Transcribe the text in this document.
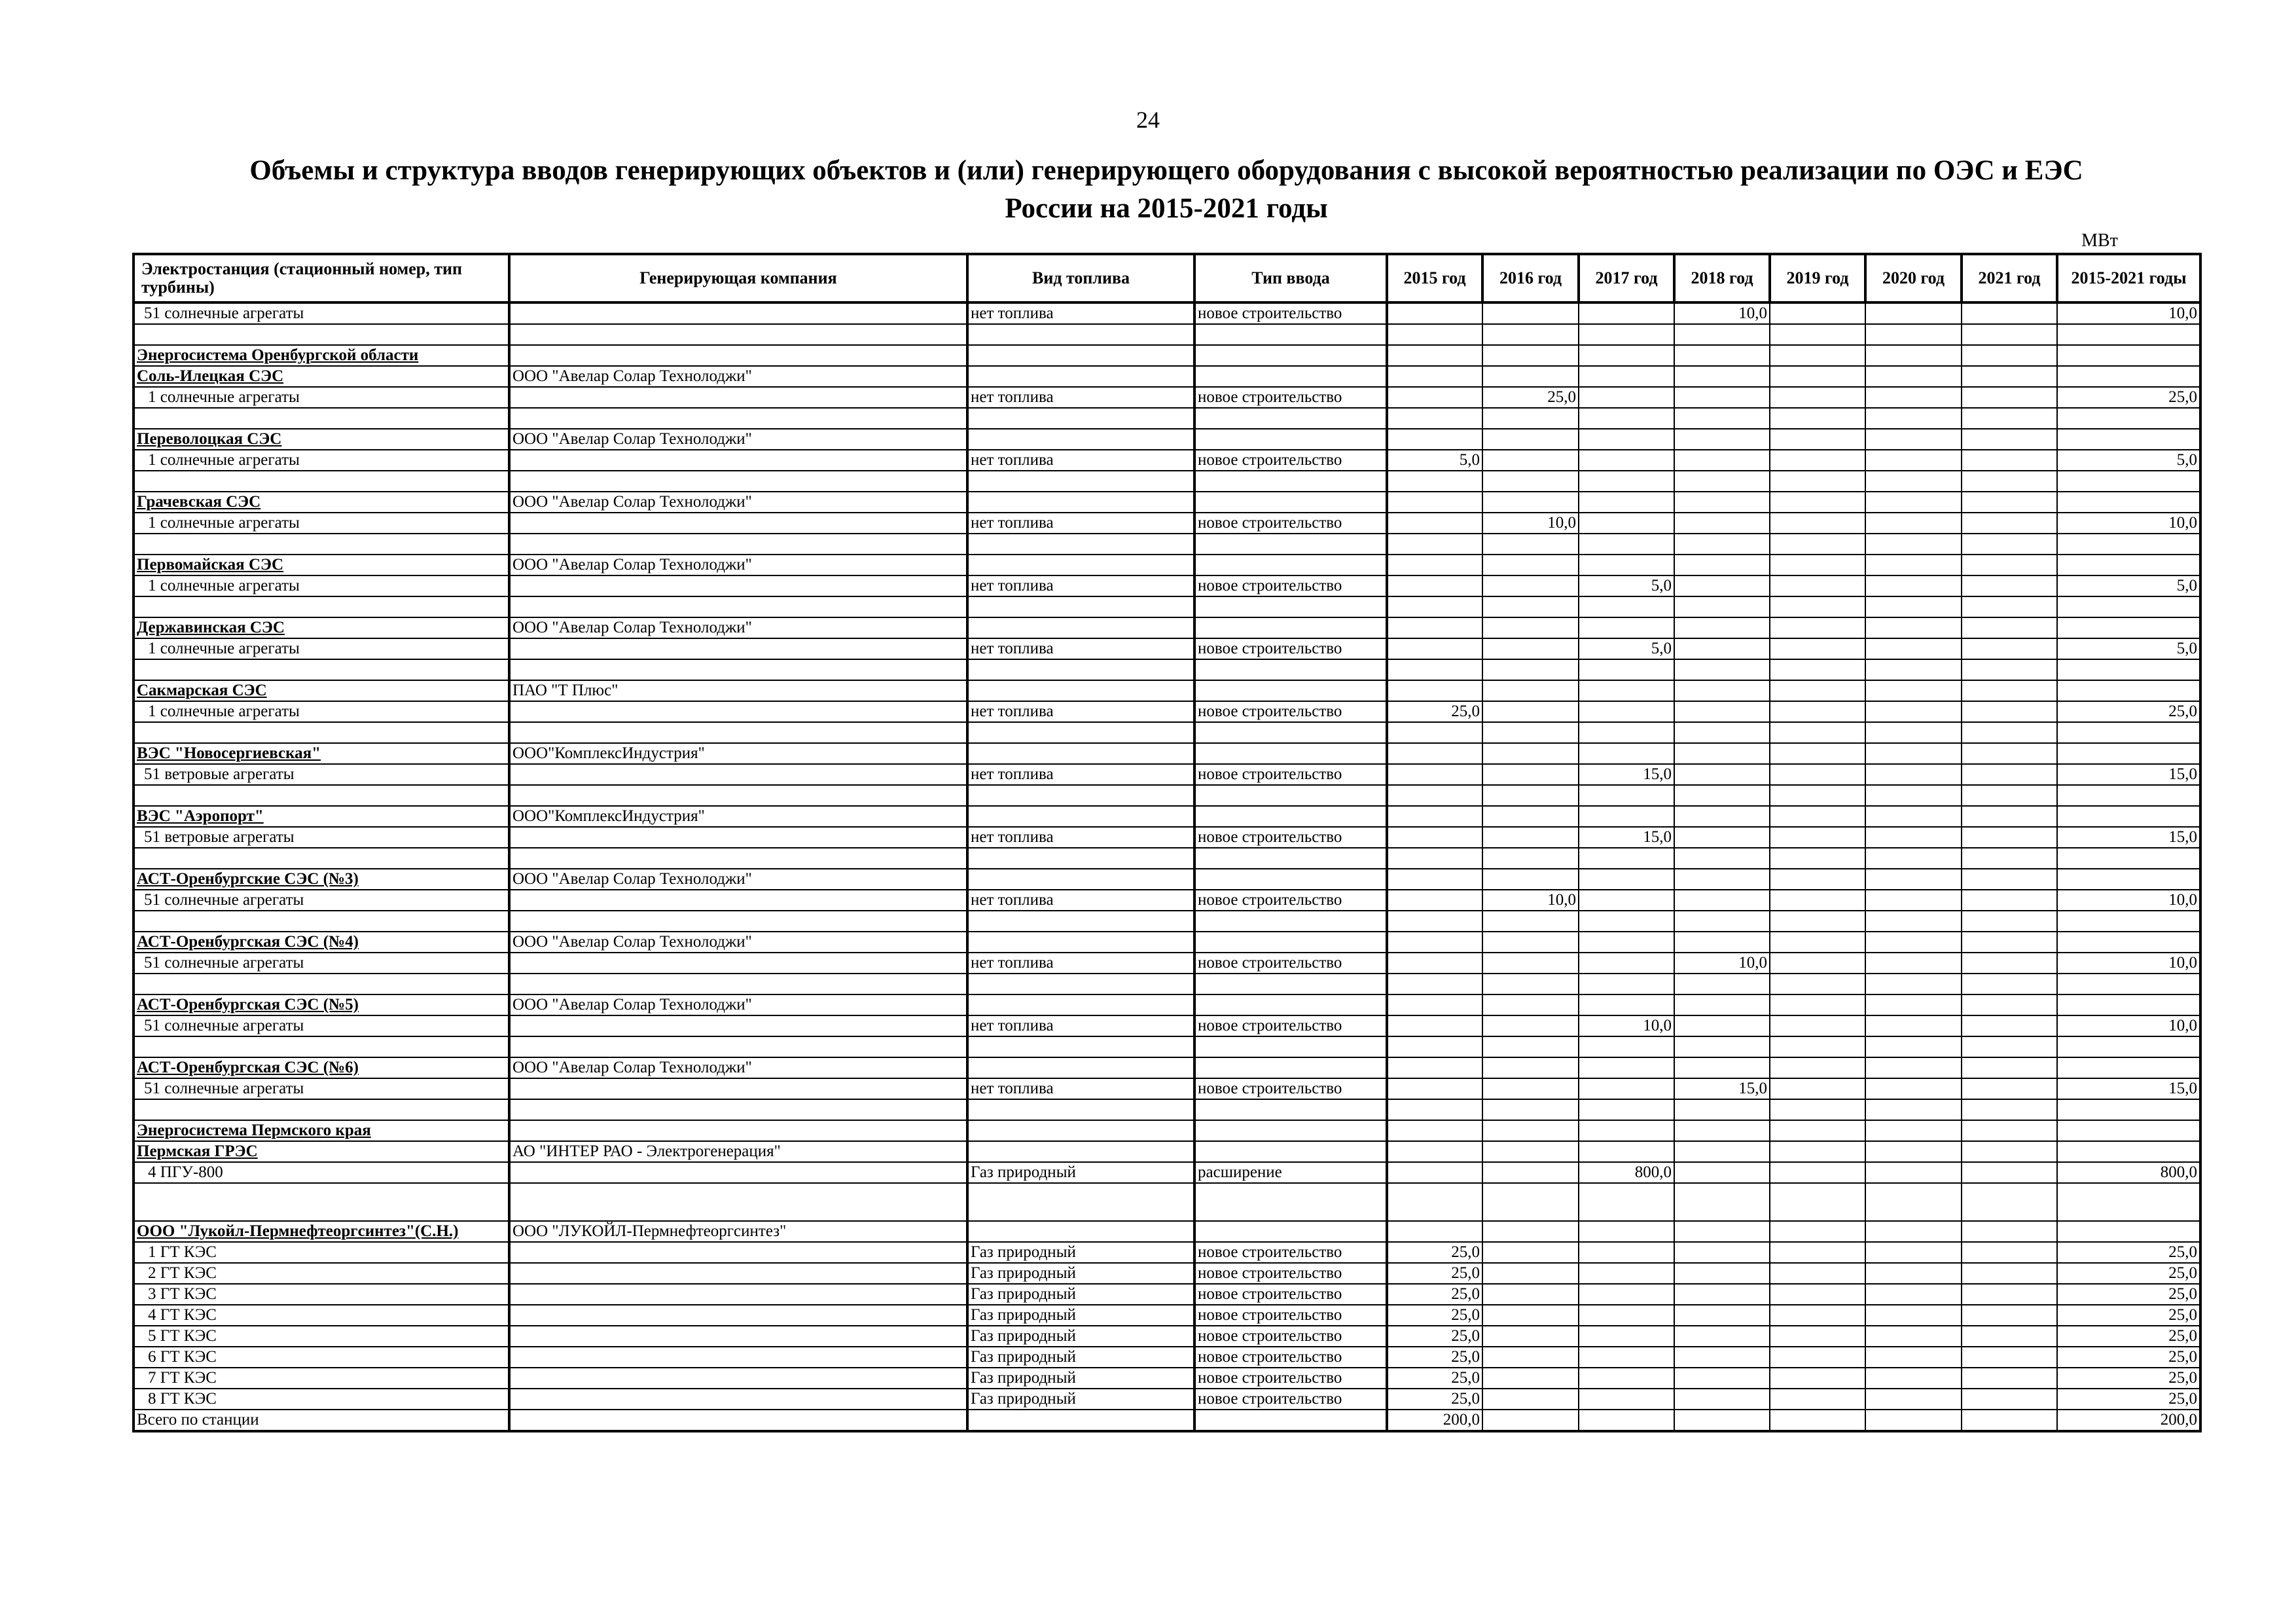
24
Объемы и структура вводов генерирующих объектов и (или) генерирующего оборудования с высокой вероятностью реализации по ОЭС и ЕЭС
России на 2015-2021 годы
МВт
Электростанция (стационный номер, тип турбины)	Генерирующая компания	Вид топлива	Тип ввода	2015 год	2016 год	2017 год	2018 год	2019 год	2020 год	2021 год	2015-2021 годы
51 солнечные агрегаты		нет топлива	новое строительство				10,0				10,0

Энергосистема Оренбургской области											
Соль-Илецкая СЭС	ООО "Авелар Солар Технолоджи"										
1 солнечные агрегаты		нет топлива	новое строительство		25,0						25,0

Переволоцкая СЭС	ООО "Авелар Солар Технолоджи"										
1 солнечные агрегаты		нет топлива	новое строительство	5,0							5,0

Грачевская СЭС	ООО "Авелар Солар Технолоджи"										
1 солнечные агрегаты		нет топлива	новое строительство		10,0						10,0

Первомайская СЭС	ООО "Авелар Солар Технолоджи"										
1 солнечные агрегаты		нет топлива	новое строительство			5,0					5,0

Державинская СЭС	ООО "Авелар Солар Технолоджи"										
1 солнечные агрегаты		нет топлива	новое строительство			5,0					5,0

Сакмарская СЭС	ПАО "Т Плюс"										
1 солнечные агрегаты		нет топлива	новое строительство	25,0							25,0

ВЭС "Новосергиевская"	ООО"КомплексИндустрия"										
51 ветровые агрегаты		нет топлива	новое строительство			15,0					15,0

ВЭС "Аэропорт"	ООО"КомплексИндустрия"										
51 ветровые агрегаты		нет топлива	новое строительство			15,0					15,0

АСТ-Оренбургские СЭС (№3)	ООО "Авелар Солар Технолоджи"										
51 солнечные агрегаты		нет топлива	новое строительство		10,0						10,0

АСТ-Оренбургская СЭС (№4)	ООО "Авелар Солар Технолоджи"										
51 солнечные агрегаты		нет топлива	новое строительство				10,0				10,0

АСТ-Оренбургская СЭС (№5)	ООО "Авелар Солар Технолоджи"										
51 солнечные агрегаты		нет топлива	новое строительство			10,0					10,0

АСТ-Оренбургская СЭС (№6)	ООО "Авелар Солар Технолоджи"										
51 солнечные агрегаты		нет топлива	новое строительство				15,0				15,0

Энергосистема Пермского края											
Пермская ГРЭС	АО "ИНТЕР РАО - Электрогенерация"										
4 ПГУ-800		Газ природный	расширение			800,0					800,0

ООО "Лукойл-Пермнефтеоргсинтез"(С.Н.)	ООО "ЛУКОЙЛ-Пермнефтеоргсинтез"										
1 ГТ КЭС		Газ природный	новое строительство	25,0							25,0
2 ГТ КЭС		Газ природный	новое строительство	25,0							25,0
3 ГТ КЭС		Газ природный	новое строительство	25,0							25,0
4 ГТ КЭС		Газ природный	новое строительство	25,0							25,0
5 ГТ КЭС		Газ природный	новое строительство	25,0							25,0
6 ГТ КЭС		Газ природный	новое строительство	25,0							25,0
7 ГТ КЭС		Газ природный	новое строительство	25,0							25,0
8 ГТ КЭС		Газ природный	новое строительство	25,0							25,0
Всего по станции				200,0							200,0
